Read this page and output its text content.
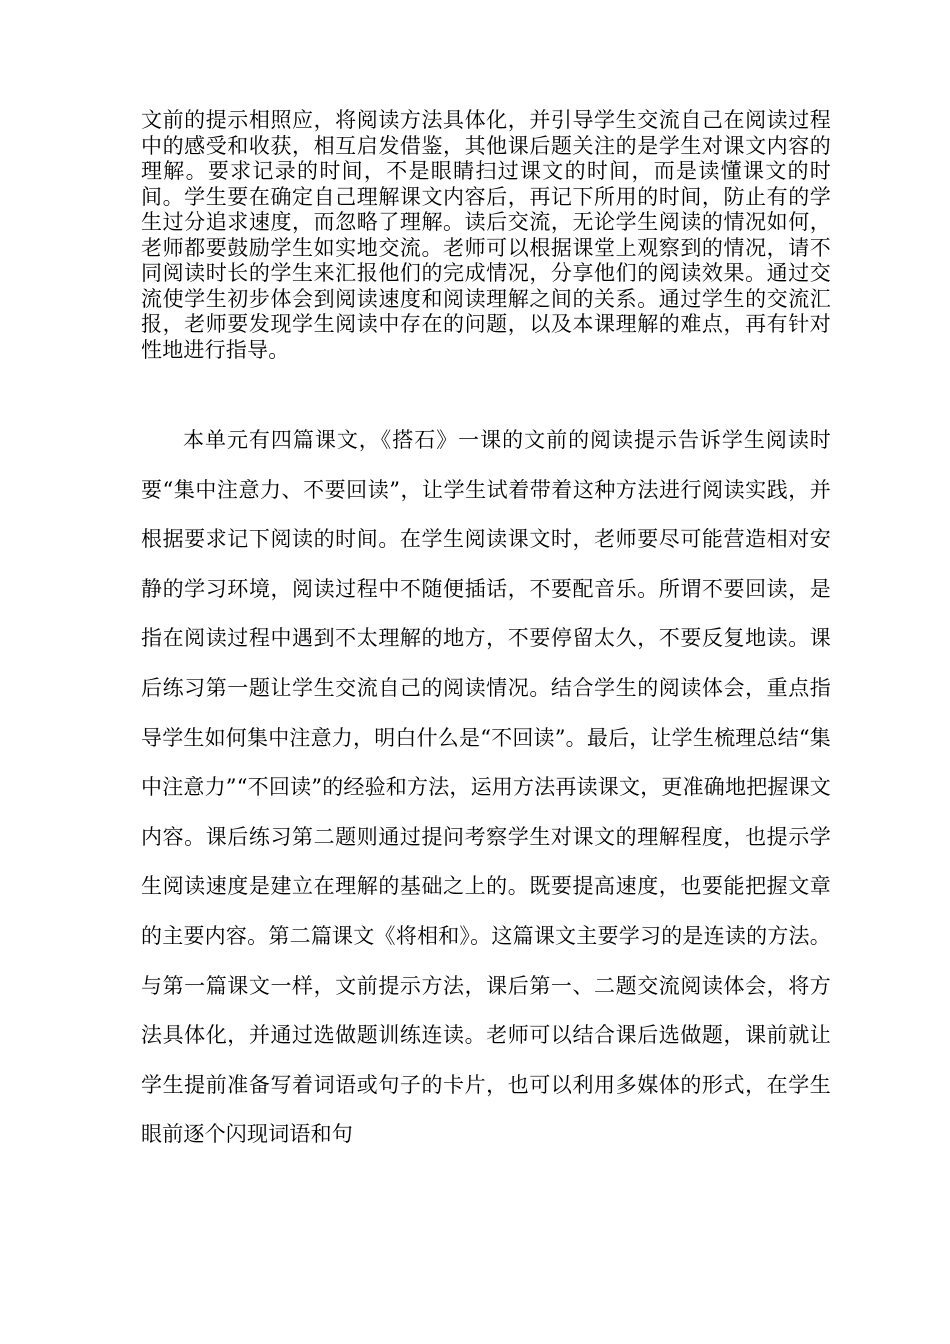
文前的提示相照应，将阅读方法具体化，并引导学生交流自己在阅读过程中的感受和收获，相互启发借鉴，其他课后题关注的是学生对课文内容的理解。要求记录的时间，不是眼睛扫过课文的时间，而是读懂课文的时间。学生要在确定自己理解课文内容后，再记下所用的时间，防止有的学生过分追求速度，而忽略了理解。读后交流，无论学生阅读的情况如何，老师都要鼓励学生如实地交流。老师可以根据课堂上观察到的情况，请不同阅读时长的学生来汇报他们的完成情况，分享他们的阅读效果。通过交流使学生初步体会到阅读速度和阅读理解之间的关系。通过学生的交流汇报，老师要发现学生阅读中存在的问题，以及本课理解的难点，再有针对性地进行指导。

本单元有四篇课文，《搭石》一课的文前的阅读提示告诉学生阅读时要“集中注意力、不要回读”，让学生试着带着这种方法进行阅读实践，并根据要求记下阅读的时间。在学生阅读课文时，老师要尽可能营造相对安静的学习环境，阅读过程中不随便插话，不要配音乐。所谓不要回读，是指在阅读过程中遇到不太理解的地方，不要停留太久，不要反复地读。课后练习第一题让学生交流自己的阅读情况。结合学生的阅读体会，重点指导学生如何集中注意力，明白什么是“不回读”。最后，让学生梳理总结“集中注意力”“不回读”的经验和方法，运用方法再读课文，更准确地把握课文内容。课后练习第二题则通过提问考察学生对课文的理解程度，也提示学生阅读速度是建立在理解的基础之上的。既要提高速度，也要能把握文章的主要内容。第二篇课文《将相和》。这篇课文主要学习的是连读的方法。与第一篇课文一样，文前提示方法，课后第一、二题交流阅读体会，将方法具体化，并通过选做题训练连读。老师可以结合课后选做题，课前就让学生提前准备写着词语或句子的卡片，也可以利用多媒体的形式，在学生眼前逐个闪现词语和句
